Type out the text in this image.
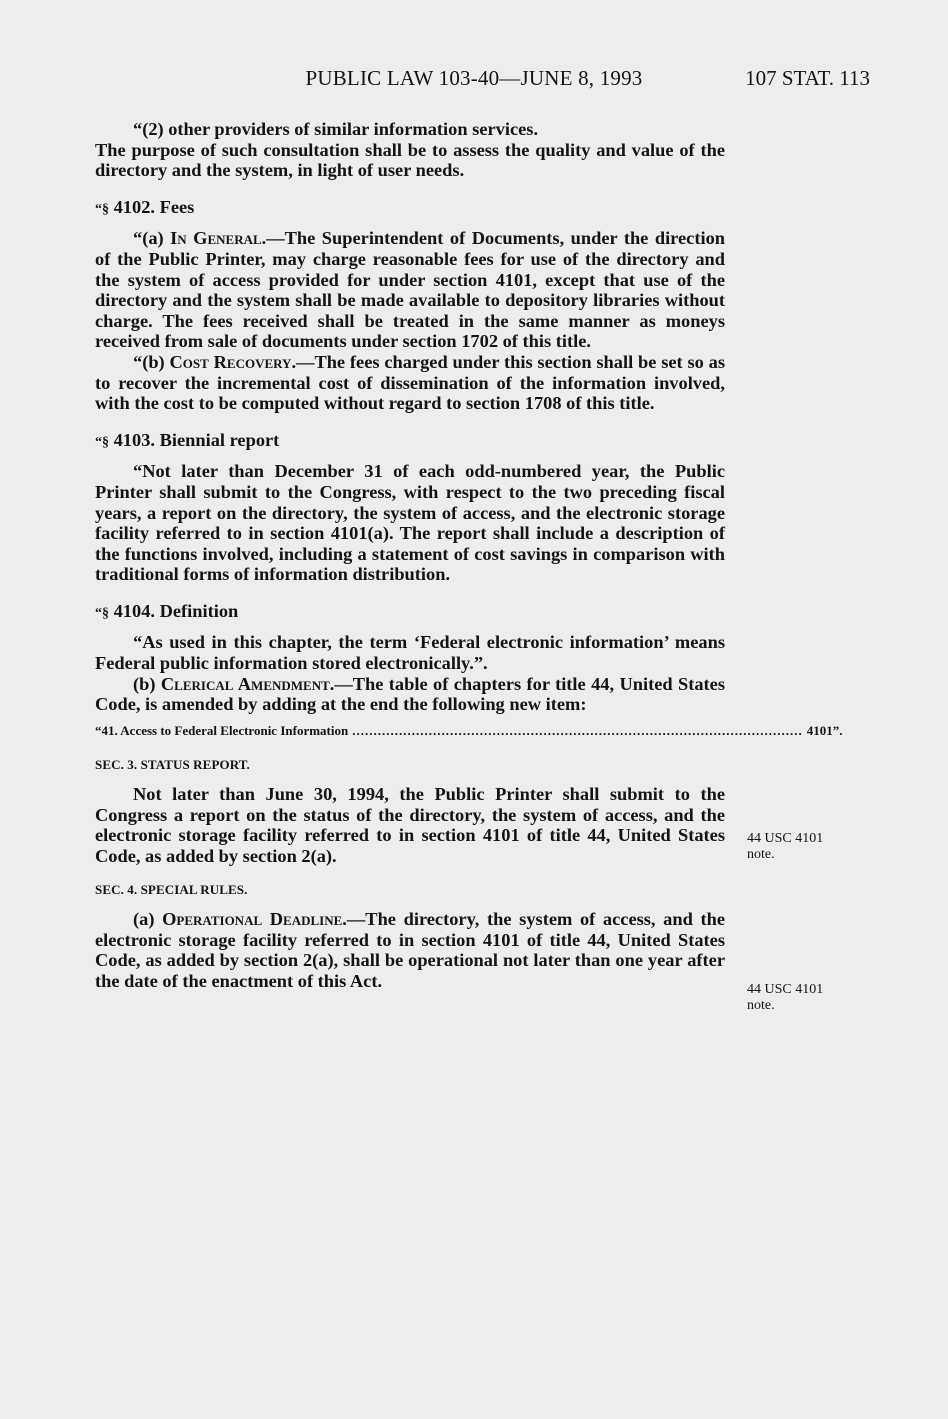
PUBLIC LAW 103-40—JUNE 8, 1993	107 STAT. 113

“(2) other providers of similar information services.

The purpose of such consultation shall be to assess the quality and value of the directory and the system, in light of user needs.

“§ 4102. Fees

“(a) In General.—The Superintendent of Documents, under the direction of the Public Printer, may charge reasonable fees for use of the directory and the system of access provided for under section 4101, except that use of the directory and the system shall be made available to depository libraries without charge. The fees received shall be treated in the same manner as moneys received from sale of documents under section 1702 of this title.

“(b) Cost Recovery.—The fees charged under this section shall be set so as to recover the incremental cost of dissemination of the information involved, with the cost to be computed without regard to section 1708 of this title.

“§ 4103. Biennial report

“Not later than December 31 of each odd-numbered year, the Public Printer shall submit to the Congress, with respect to the two preceding fiscal years, a report on the directory, the system of access, and the electronic storage facility referred to in section 4101(a). The report shall include a description of the functions involved, including a statement of cost savings in comparison with traditional forms of information distribution.

“§ 4104. Definition

“As used in this chapter, the term ‘Federal electronic information’ means Federal public information stored electronically.”.

(b) Clerical Amendment.—The table of chapters for title 44, United States Code, is amended by adding at the end the following new item:

“41. Access to Federal Electronic Information .......................................................................................................... 4101”.

SEC. 3. STATUS REPORT.

Not later than June 30, 1994, the Public Printer shall submit to the Congress a report on the status of the directory, the system of access, and the electronic storage facility referred to in section 4101 of title 44, United States Code, as added by section 2(a).

SEC. 4. SPECIAL RULES.

(a) Operational Deadline.—The directory, the system of access, and the electronic storage facility referred to in section 4101 of title 44, United States Code, as added by section 2(a), shall be operational not later than one year after the date of the enactment of this Act.

44 USC 4101
note.
44 USC 4101
note.
